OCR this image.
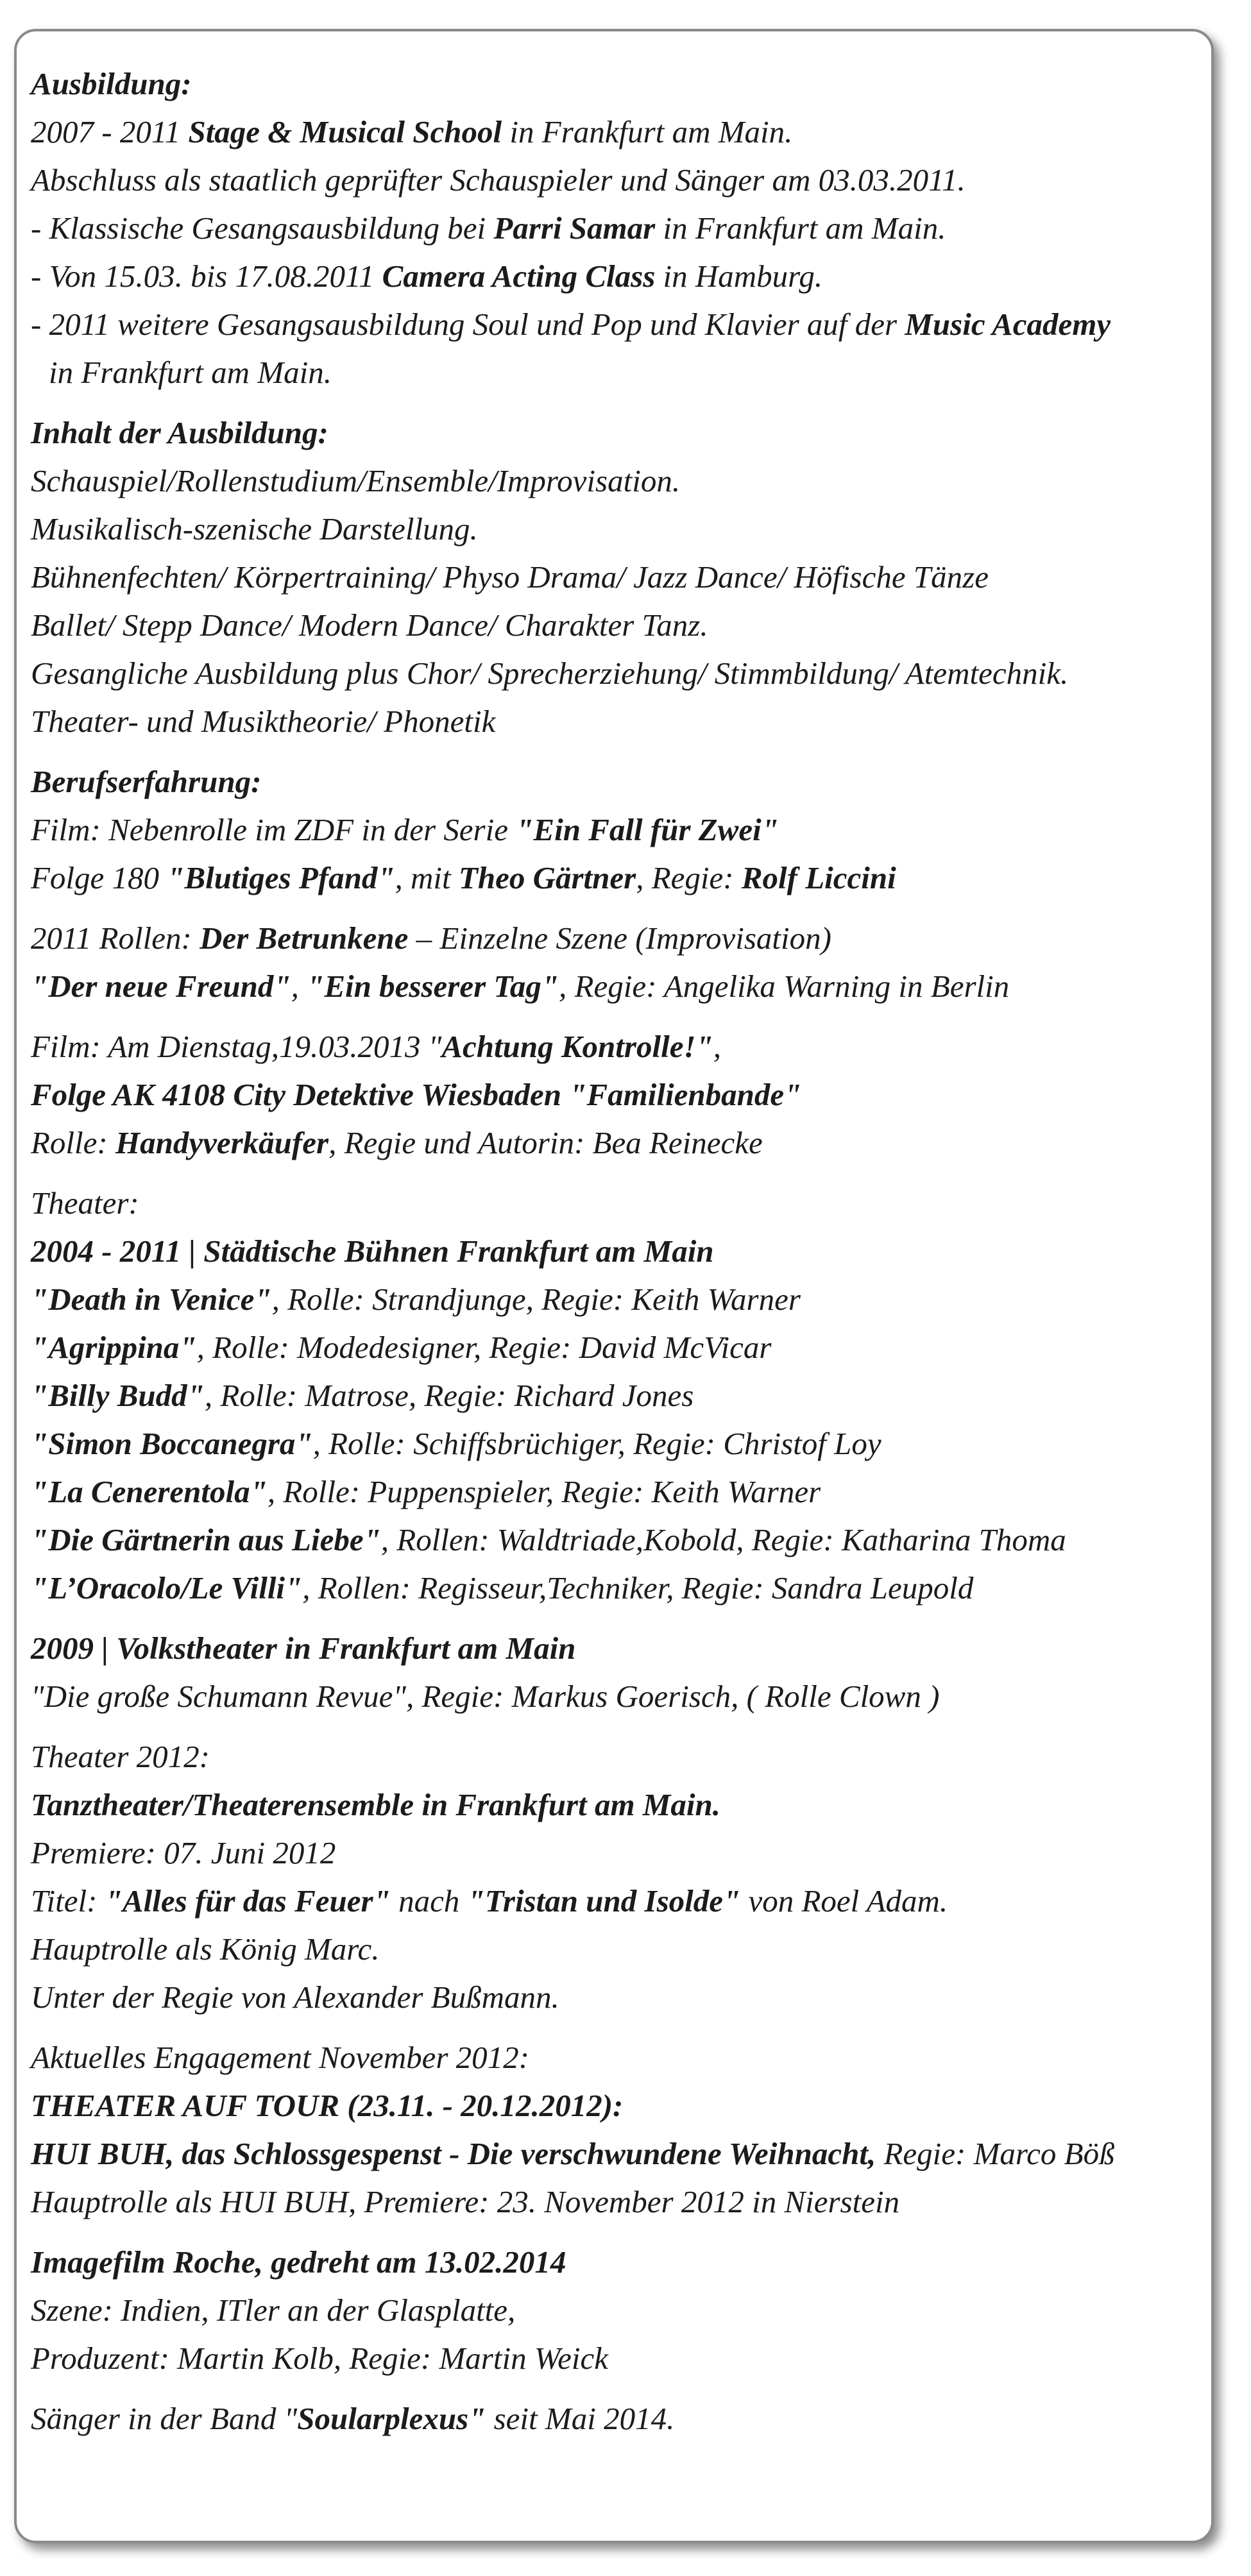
Ausbildung:
2007 - 2011 Stage & Musical School in Frankfurt am Main.
Abschluss als staatlich geprüfter Schauspieler und Sänger am 03.03.2011.
- Klassische Gesangsausbildung bei Parri Samar in Frankfurt am Main.
- Von 15.03. bis 17.08.2011 Camera Acting Class in Hamburg.
- 2011 weitere Gesangsausbildung Soul und Pop und Klavier auf der Music Academy
in Frankfurt am Main.
Inhalt der Ausbildung:
Schauspiel/Rollenstudium/Ensemble/Improvisation.
Musikalisch-szenische Darstellung.
Bühnenfechten/ Körpertraining/ Physo Drama/ Jazz Dance/ Höfische Tänze
Ballet/ Stepp Dance/ Modern Dance/ Charakter Tanz.
Gesangliche Ausbildung plus Chor/ Sprecherziehung/ Stimmbildung/ Atemtechnik.
Theater- und Musiktheorie/ Phonetik
Berufserfahrung:
Film: Nebenrolle im ZDF in der Serie "Ein Fall für Zwei"
Folge 180 "Blutiges Pfand", mit Theo Gärtner, Regie: Rolf Liccini
2011 Rollen: Der Betrunkene – Einzelne Szene (Improvisation)
"Der neue Freund", "Ein besserer Tag", Regie: Angelika Warning in Berlin
Film: Am Dienstag,19.03.2013 "Achtung Kontrolle!",
Folge AK 4108 City Detektive Wiesbaden "Familienbande"
Rolle: Handyverkäufer, Regie und Autorin: Bea Reinecke
Theater:
2004 - 2011 | Städtische Bühnen Frankfurt am Main
"Death in Venice", Rolle: Strandjunge, Regie: Keith Warner
"Agrippina", Rolle: Modedesigner, Regie: David McVicar
"Billy Budd", Rolle: Matrose, Regie: Richard Jones
"Simon Boccanegra", Rolle: Schiffsbrüchiger, Regie: Christof Loy
"La Cenerentola", Rolle: Puppenspieler, Regie: Keith Warner
"Die Gärtnerin aus Liebe", Rollen: Waldtriade,Kobold, Regie: Katharina Thoma
"L’Oracolo/Le Villi", Rollen: Regisseur,Techniker, Regie: Sandra Leupold
2009 | Volkstheater in Frankfurt am Main
"Die große Schumann Revue", Regie: Markus Goerisch, ( Rolle Clown )
Theater 2012:
Tanztheater/Theaterensemble in Frankfurt am Main.
Premiere: 07. Juni 2012
Titel: "Alles für das Feuer" nach "Tristan und Isolde" von Roel Adam.
Hauptrolle als König Marc.
Unter der Regie von Alexander Bußmann.
Aktuelles Engagement November 2012:
THEATER AUF TOUR (23.11. - 20.12.2012):
HUI BUH, das Schlossgespenst - Die verschwundene Weihnacht, Regie: Marco Böß
Hauptrolle als HUI BUH, Premiere: 23. November 2012 in Nierstein
Imagefilm Roche, gedreht am 13.02.2014
Szene: Indien, ITler an der Glasplatte,
Produzent: Martin Kolb, Regie: Martin Weick
Sänger in der Band "Soularplexus" seit Mai 2014.
